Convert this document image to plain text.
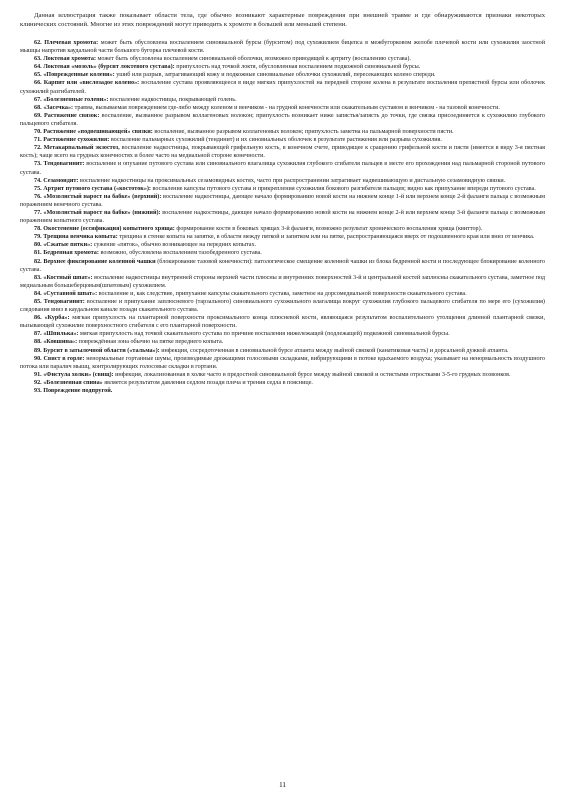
Данная иллюстрация также показывает области тела, где обычно возникают характерные повреждения при внешней травме и где обнаруживаются признаки некоторых клинических состояний. Многие из этих повреждений могут приводить к хромоте в большей или меньшей степени.

62. Плечевая хромота: может быть обусловлена воспалением синовиальной бурсы (бурситом) под сухожилием бицепса в межбугорковом желобе плечевой кости или сухожилия заостной мышцы напротив каудальной части большого бугорка плечевой кости.

63. Локтевая хромота: может быть обусловлена воспалением синовиальной оболочки, возможно приводящей к артриту (воспалению сустава).

64. Локтевая «мозоль» (бурсит локтевого сустава): припухлость над точкой локтя, обусловленная воспалением подкожной синовиальной бурсы.

65. «Поврежденные колени»: ушиб или разрыв, затрагивающий кожу и подкожные синовиальные оболочки сухожилий, пересекающих колено спереди.

66. Карпит или «вислозадое колено»: воспаление сустава проявляющееся в виде мягких припухлостей на передней стороне колена в результате воспаления препястной бурсы или оболочек сухожилий разгибателей.

67. «Болезненные голени»: воспаление надкостницы, покрывающей голень.

68. «Засечка»: травма, вызываемая повреждением где-либо между коленом и венчиком - на грудной конечности или скакательным суставом и венчиком - на тазовой конечности.

69. Растяжение связок: воспаление, вызванное разрывом коллагеновых волокон; припухлость возникает ниже запястья/запясть до точки, где связка присоединяется к сухожилию глубокого пальцевого сгибателя.

70. Растяжение «подвешивающей» связки: воспаление, вызванное разрывом коллагеновых волокон; припухлость заметна на пальмарной поверхности пясти.

71. Растяжение сухожилия: воспаление пальмарных сухожилий (тендинит) и их синовиальных оболочек в результате растяжения или разрыва сухожилия.

72. Метакарпальный экзостоз, воспаление надкостницы, покрывающей грифельную кость, в конечном счете, приводящее к сращению грифельной кости и пясти (имеется в виду 3-я пястная кость); чаще всего на грудных конечностях и более часто на медиальной стороне конечности.

73. Тендовагинит: воспаление и опухание путового сустава или синовиального влагалища сухожилия глубокого сгибателя пальцев в месте его прохождения над пальмарной стороной путового сустава.

74. Сезамоидит: воспаление надкостницы на проксимальных сезамовидных костях, часто при распространении затрагивает надвешивающую и дистальную сезамовидную связки.

75. Артрит путового сустава («костоток»): воспаление капсулы путового сустава и прикрепления сухожилия бокового разгибателя пальцев; видно как припухание впереди путового сустава.

76. «Мозолистый нарост на бабке» (верхний): воспаление надкостницы, дающее начало формированию новой кости на нижнем конце 1-й или верхнем конце 2-й фаланги пальца с возможным поражением венечного сустава.

77. «Мозолистый нарост на бабке» (нижний): воспаление надкостницы, дающее начало формированию новой кости на нижнем конце 2-й или верхнем конце 3-й фаланги пальца с возможным поражением копытного сустава.

78. Окостенение (оссификация) копытного хряща: формирование кости в боковых хрящах 3-й фаланги, возможно результат хронического воспаления хряща (квиттор).

79. Трещина венчика копыта: трещина в стенке копыта на запятке, в области между пяткой и запятком или на пятке, распространяющаяся вверх от подошвенного края или вниз от венчика.

80. «Сжатые пятки»: сужение «пяток», обычно возникающее на передних копытах.

81. Бедренная хромота: возможно, обусловлена воспалением тазобедренного сустава.

82. Верхнее фиксирование коленной чашки (блокирование тазовой конечности): патологическое смещение коленной чашки из блока бедренной кости и последующее блокирование коленного сустава.

83. «Костный шпат»: воспаление надкостницы внутренней стороны верхней части плюсны и внутренних поверхностей 3-й и центральной костей заплюсны скакательного сустава, заметное под медиальным большеберцовым(шпатовым) сухожилием.

84. «Суставной шпат»: воспаление и, как следствие, припухание капсулы скакательного сустава, заметное на дорсомедиальной поверхности скакательного сустава.

85. Тендовагинит: воспаление и припухание заплюсневого (тарзального) синовиального сухожильного влагалища вокруг сухожилия глубокого пальцевого сгибателя по мере его (сухожилия) следования вниз в каудальном канале позади скакательного сустава.

86. «Курба»: мягкая припухлость на плантарной поверхности проксимального конца плюсневой кости, являющаяся результатом воспалительного утолщения длинной плантарной связки, вызывающей сухожилие поверхностного сгибателя с его плантарной поверхности.

87. «Шпилька»: мягкая припухлость над точкой скакательного сустава по причине воспаления нижележащей (подлежащей) подкожной синовиальной бурсы.

88. «Ковшина»: повреждённая зона обычно на пятке переднего копыта.

89. Бурсит в затылочной области («тальма»): инфекция, сосредоточенная в синовиальной бурсе атланта между выйной связкой (канатиковая часть) и дорсальной дужкой атланта.

90. Свист в горле: ненормальные гортанные шумы, производимые дрожащими голосовыми складками, вибрирующими в потоке вдыхаемого воздуха; указывает на ненормальность воздушного потока или паралич мышц, контролирующих голосовые складки в гортани.

91. «Фистула холки» (свищ): инфекция, локализованная в холке часто в предостной синовиальной бурсе между выйной связкой и остистыми отростками 3-5-го грудных позвонков.

92. «Болезненная спина» является результатом давления седлом позади плеча и трения седла в пояснице.

93. Повреждение подпругой.

11
